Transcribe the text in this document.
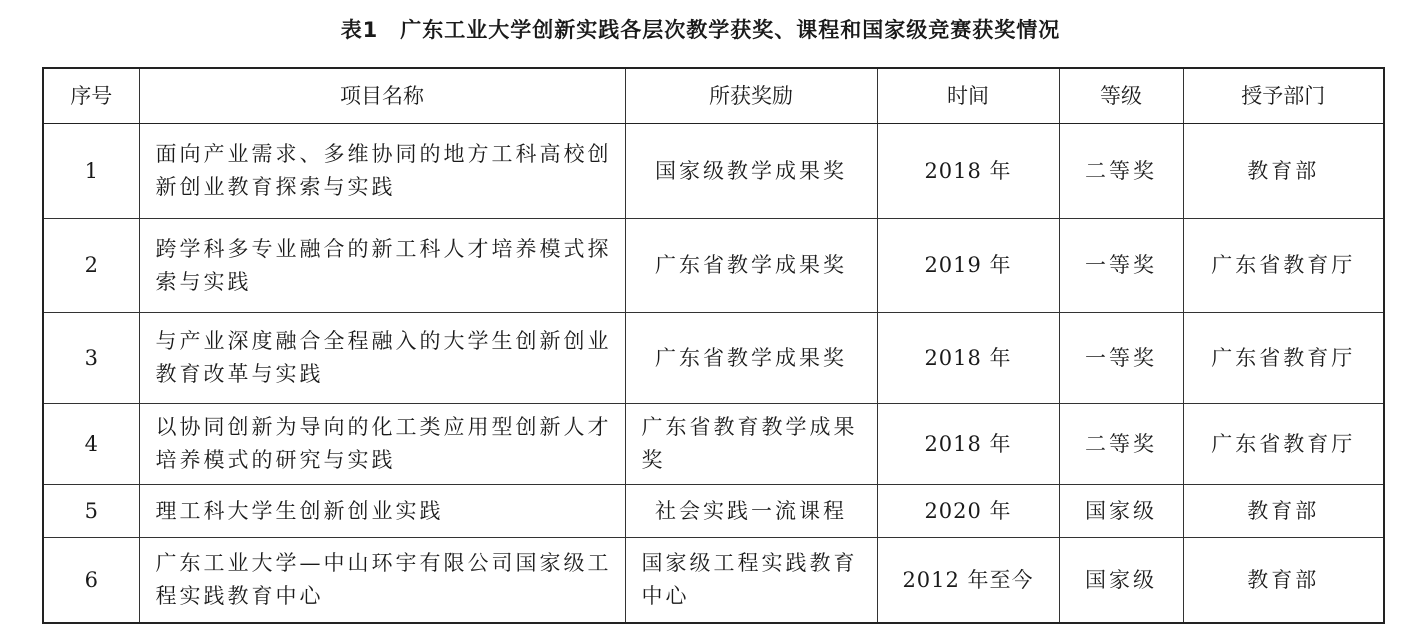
表1　广东工业大学创新实践各层次教学获奖、课程和国家级竞赛获奖情况
序号	项目名称	所获奖励	时间	等级	授予部门
1	面向产业需求、多维协同的地方工科高校创新创业教育探索与实践	国家级教学成果奖	2018 年	二等奖	教育部
2	跨学科多专业融合的新工科人才培养模式探索与实践	广东省教学成果奖	2019 年	一等奖	广东省教育厅
3	与产业深度融合全程融入的大学生创新创业教育改革与实践	广东省教学成果奖	2018 年	一等奖	广东省教育厅
4	以协同创新为导向的化工类应用型创新人才培养模式的研究与实践	广东省教育教学成果奖	2018 年	二等奖	广东省教育厅
5	理工科大学生创新创业实践	社会实践一流课程	2020 年	国家级	教育部
6	广东工业大学—中山环宇有限公司国家级工程实践教育中心	国家级工程实践教育中心	2012 年至今	国家级	教育部
